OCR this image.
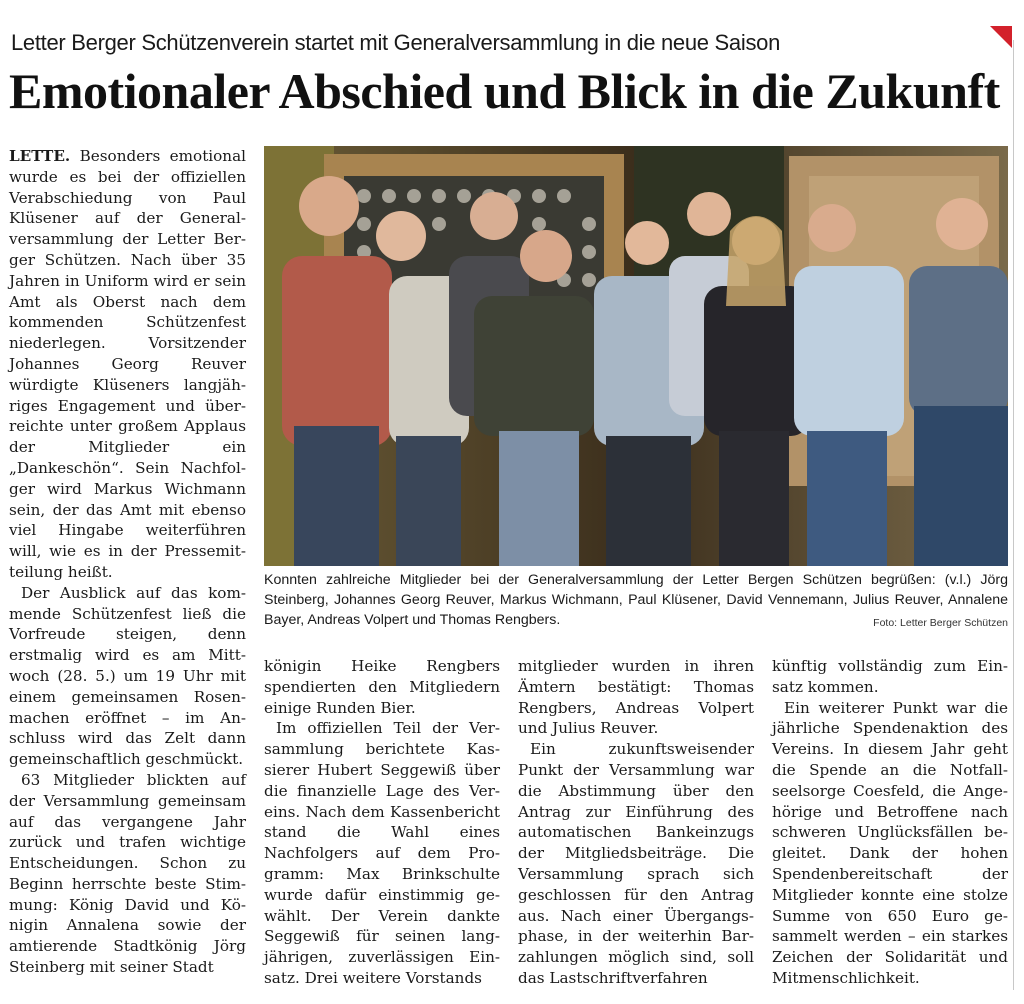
Letter Berger Schützenverein startet mit Generalversammlung in die neue Saison
Emotionaler Abschied und Blick in die Zukunft

LETTE. Besonders emotional wurde es bei der offiziellen Verabschiedung von Paul Klüsener auf der Generalversammlung der Letter Berger Schützen. Nach über 35 Jahren in Uniform wird er sein Amt als Oberst nach dem kommenden Schützenfest niederlegen. Vorsitzender Johannes Georg Reuver würdigte Klüseners langjähriges Engagement und überreichte unter großem Applaus der Mitglieder ein „Dankeschön“. Sein Nachfolger wird Markus Wichmann sein, der das Amt mit ebenso viel Hingabe weiterführen will, wie es in der Pressemitteilung heißt.

Der Ausblick auf das kommende Schützenfest ließ die Vorfreude steigen, denn erstmalig wird es am Mittwoch (28. 5.) um 19 Uhr mit einem gemeinsamen Rosenmachen eröffnet – im Anschluss wird das Zelt dann gemeinschaftlich geschmückt.

63 Mitglieder blickten auf der Versammlung gemeinsam auf das vergangene Jahr zurück und trafen wichtige Entscheidungen. Schon zu Beginn herrschte beste Stimmung: König David und Königin Annalena sowie der amtierende Stadtkönig Jörg Steinberg mit seiner Stadt

Konnten zahlreiche Mitglieder bei der Generalversammlung der Letter Bergen Schützen begrüßen: (v.l.) Jörg Steinberg, Johannes Georg Reuver, Markus Wichmann, Paul Klüsener, David Vennemann, Julius Reuver, Annalene Bayer, Andreas Volpert und Thomas Rengbers.	Foto: Letter Berger Schützen

königin Heike Rengbers spendierten den Mitgliedern einige Runden Bier.

Im offiziellen Teil der Versammlung berichtete Kassierer Hubert Seggewiß über die finanzielle Lage des Vereins. Nach dem Kassenbericht stand die Wahl eines Nachfolgers auf dem Programm: Max Brinkschulte wurde dafür einstimmig gewählt. Der Verein dankte Seggewiß für seinen langjährigen, zuverlässigen Einsatz. Drei weitere Vorstands

mitglieder wurden in ihren Ämtern bestätigt: Thomas Rengbers, Andreas Volpert und Julius Reuver.

Ein zukunftsweisender Punkt der Versammlung war die Abstimmung über den Antrag zur Einführung des automatischen Bankeinzugs der Mitgliedsbeiträge. Die Versammlung sprach sich geschlossen für den Antrag aus. Nach einer Übergangsphase, in der weiterhin Barzahlungen möglich sind, soll das Lastschriftverfahren

künftig vollständig zum Einsatz kommen.

Ein weiterer Punkt war die jährliche Spendenaktion des Vereins. In diesem Jahr geht die Spende an die Notfallseelsorge Coesfeld, die Angehörige und Betroffene nach schweren Unglücksfällen begleitet. Dank der hohen Spendenbereitschaft der Mitglieder konnte eine stolze Summe von 650 Euro gesammelt werden – ein starkes Zeichen der Solidarität und Mitmenschlichkeit.
